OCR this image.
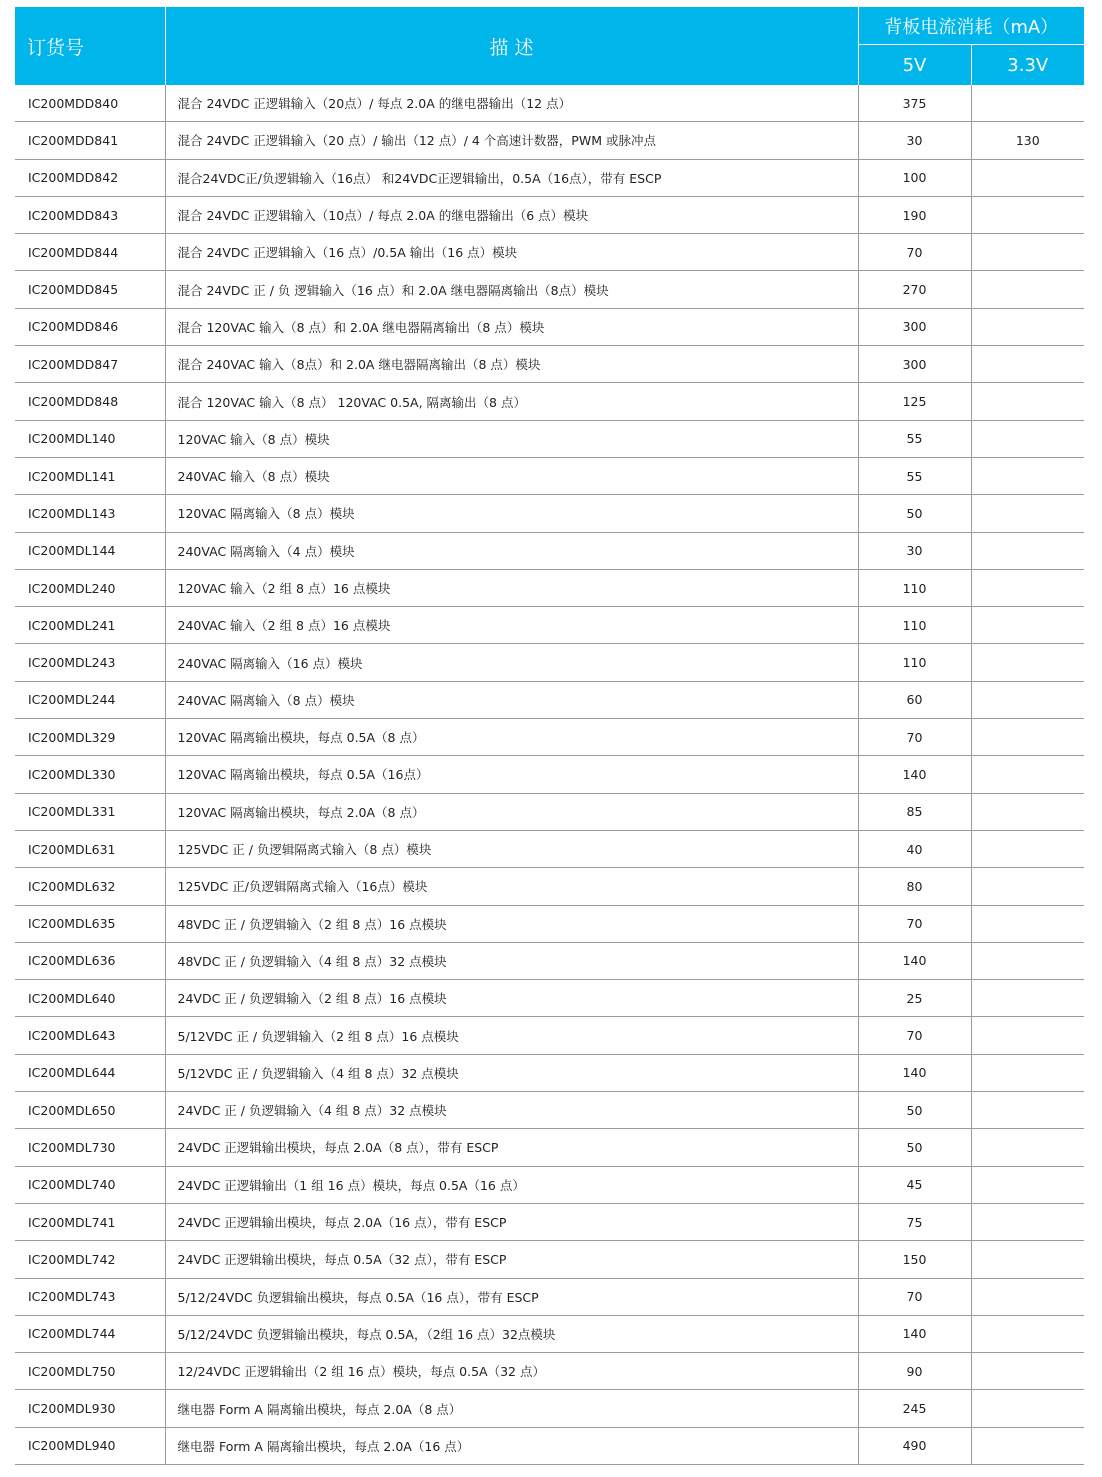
订货号	描 述	背板电流消耗（mA）	
		5V	3.3V
IC200MDD840	混合 24VDC 正逻辑输入（20点）/ 每点 2.0A 的继电器输出（12 点）	375	
IC200MDD841	混合 24VDC 正逻辑输入（20 点）/ 输出（12 点）/ 4 个高速计数器，PWM 或脉冲点	30	130
IC200MDD842	混合24VDC正/负逻辑输入（16点） 和24VDC正逻辑输出，0.5A（16点），带有 ESCP	100	
IC200MDD843	混合 24VDC 正逻辑输入（10点）/ 每点 2.0A 的继电器输出（6 点）模块	190	
IC200MDD844	混合 24VDC 正逻辑输入（16 点）/0.5A 输出（16 点）模块	70	
IC200MDD845	混合 24VDC 正 / 负 逻辑输入（16 点）和 2.0A 继电器隔离输出（8点）模块	270	
IC200MDD846	混合 120VAC 输入（8 点）和 2.0A 继电器隔离输出（8 点）模块	300	
IC200MDD847	混合 240VAC 输入（8点）和 2.0A 继电器隔离输出（8 点）模块	300	
IC200MDD848	混合 120VAC 输入（8 点） 120VAC 0.5A, 隔离输出（8 点）	125	
IC200MDL140	120VAC 输入（8 点）模块	55	
IC200MDL141	240VAC 输入（8 点）模块	55	
IC200MDL143	120VAC 隔离输入（8 点）模块	50	
IC200MDL144	240VAC 隔离输入（4 点）模块	30	
IC200MDL240	120VAC 输入（2 组 8 点）16 点模块	110	
IC200MDL241	240VAC 输入（2 组 8 点）16 点模块	110	
IC200MDL243	240VAC 隔离输入（16 点）模块	110	
IC200MDL244	240VAC 隔离输入（8 点）模块	60	
IC200MDL329	120VAC 隔离输出模块，每点 0.5A（8 点）	70	
IC200MDL330	120VAC 隔离输出模块，每点 0.5A（16点）	140	
IC200MDL331	120VAC 隔离输出模块，每点 2.0A（8 点）	85	
IC200MDL631	125VDC 正 / 负逻辑隔离式输入（8 点）模块	40	
IC200MDL632	125VDC 正/负逻辑隔离式输入（16点）模块	80	
IC200MDL635	48VDC 正 / 负逻辑输入（2 组 8 点）16 点模块	70	
IC200MDL636	48VDC 正 / 负逻辑输入（4 组 8 点）32 点模块	140	
IC200MDL640	24VDC 正 / 负逻辑输入（2 组 8 点）16 点模块	25	
IC200MDL643	5/12VDC 正 / 负逻辑输入（2 组 8 点）16 点模块	70	
IC200MDL644	5/12VDC 正 / 负逻辑输入（4 组 8 点）32 点模块	140	
IC200MDL650	24VDC 正 / 负逻辑输入（4 组 8 点）32 点模块	50	
IC200MDL730	24VDC 正逻辑输出模块，每点 2.0A（8 点），带有 ESCP	50	
IC200MDL740	24VDC 正逻辑输出（1 组 16 点）模块，每点 0.5A（16 点）	45	
IC200MDL741	24VDC 正逻辑输出模块，每点 2.0A（16 点），带有 ESCP	75	
IC200MDL742	24VDC 正逻辑输出模块，每点 0.5A（32 点），带有 ESCP	150	
IC200MDL743	5/12/24VDC 负逻辑输出模块，每点 0.5A（16 点），带有 ESCP	70	
IC200MDL744	5/12/24VDC 负逻辑输出模块，每点 0.5A，（2组 16 点）32点模块	140	
IC200MDL750	12/24VDC 正逻辑输出（2 组 16 点）模块，每点 0.5A（32 点）	90	
IC200MDL930	继电器 Form A 隔离输出模块，每点 2.0A（8 点）	245	
IC200MDL940	继电器 Form A 隔离输出模块，每点 2.0A（16 点）	490	
